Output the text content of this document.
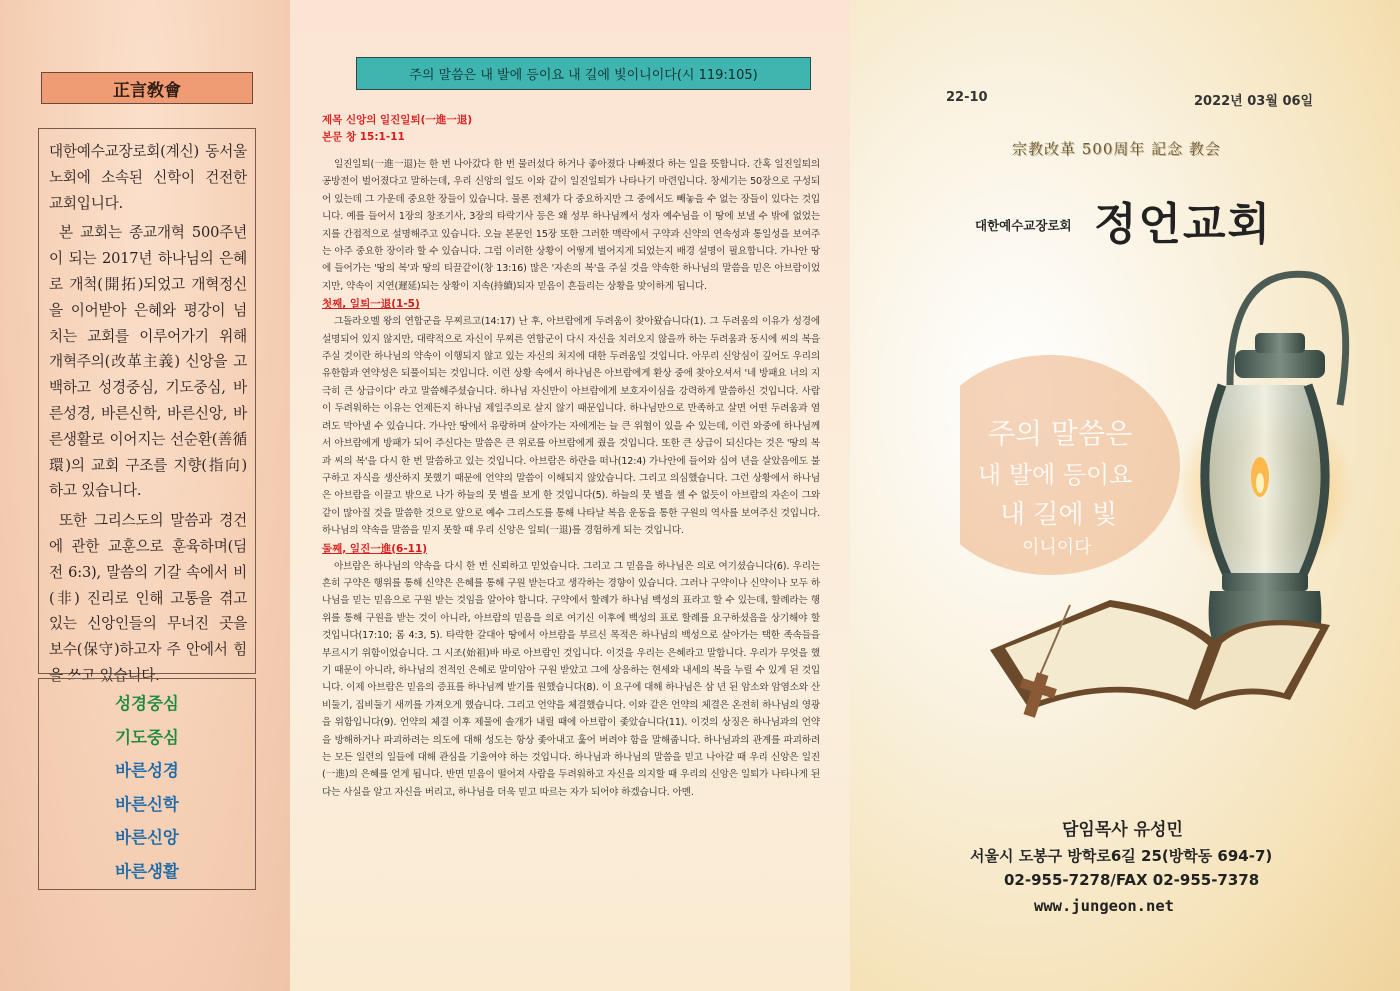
正言敎會

대한예수교장로회(계신) 동서울 노회에 소속된 신학이 건전한 교회입니다.

본 교회는 종교개혁 500주년이 되는 2017년 하나님의 은혜로 개척(開拓)되었고 개혁정신을 이어받아 은혜와 평강이 넘치는 교회를 이루어가기 위해 개혁주의(改革主義) 신앙을 고백하고 성경중심, 기도중심, 바른성경, 바른신학, 바른신앙, 바른생활로 이어지는 선순환(善循環)의 교회 구조를 지향(指向)하고 있습니다.

또한 그리스도의 말씀과 경건에 관한 교훈으로 훈육하며(딤전 6:3), 말씀의 기갈 속에서 비(非) 진리로 인해 고통을 겪고 있는 신앙인들의 무너진 곳을 보수(保守)하고자 주 안에서 힘을 쓰고 있습니다.

성경중심
기도중심
바른성경
바른신학
바른신앙
바른생활
주의 말씀은 내 발에 등이요 내 길에 빛이니이다(시 119:105)
제목 신앙의 일진일퇴(一進一退)
본문 창 15:1-11

일진일퇴(一進一退)는 한 번 나아갔다 한 번 물러섰다 하거나 좋아졌다 나빠졌다 하는 일을 뜻합니다. 간혹 일진일퇴의 공방전이 벌어졌다고 말하는데, 우리 신앙의 일도 이와 같이 일진일퇴가 나타나기 마련입니다. 창세기는 50장으로 구성되어 있는데 그 가운데 중요한 장들이 있습니다. 물론 전체가 다 중요하지만 그 중에서도 빼놓을 수 없는 장들이 있다는 것입니다. 예를 들어서 1장의 창조기사, 3장의 타락기사 등은 왜 성부 하나님께서 성자 예수님을 이 땅에 보낼 수 밖에 없었는지를 간접적으로 설명해주고 있습니다. 오늘 본문인 15장 또한 그러한 맥락에서 구약과 신약의 연속성과 통일성을 보여주는 아주 중요한 장이라 할 수 있습니다. 그럼 이러한 상황이 어떻게 벌어지게 되었는지 배경 설명이 필요합니다. 가나안 땅에 들어가는 '땅의 복'과 땅의 티끌같이(창 13:16) 많은 '자손의 복'을 주실 것을 약속한 하나님의 말씀을 믿은 아브람이었지만, 약속이 지연(遲延)되는 상황이 지속(持續)되자 믿음이 흔들리는 상황을 맞이하게 됩니다.

첫째, 일퇴一退(1-5)

그돌라오멜 왕의 연합군을 무찌르고(14:17) 난 후, 아브람에게 두려움이 찾아왔습니다(1). 그 두려움의 이유가 성경에 설명되어 있지 않지만, 대략적으로 자신이 무찌른 연합군이 다시 자신을 치러오지 않을까 하는 두려움과 동시에 씨의 복을 주실 것이란 하나님의 약속이 이행되지 않고 있는 자신의 처지에 대한 두려움일 것입니다. 아무리 신앙심이 깊어도 우리의 유한함과 연약성은 되풀이되는 것입니다. 이런 상황 속에서 하나님은 아브람에게 환상 중에 찾아오셔서 '네 방패요 너의 지극히 큰 상급이다' 라고 말씀해주셨습니다. 하나님 자신만이 아브람에게 보호자이심을 강력하게 말씀하신 것입니다. 사람이 두려워하는 이유는 언제든지 하나님 제일주의로 살지 않기 때문입니다. 하나님만으로 만족하고 살면 어떤 두려움과 염려도 막아낼 수 있습니다. 가나안 땅에서 유랑하며 살아가는 자에게는 늘 큰 위협이 있을 수 있는데, 이런 와중에 하나님께서 아브람에게 방패가 되어 주신다는 말씀은 큰 위로를 아브람에게 줬을 것입니다. 또한 큰 상급이 되신다는 것은 '땅의 복과 씨의 복'을 다시 한 번 말씀하고 있는 것입니다. 아브람은 하란을 떠나(12:4) 가나안에 들어와 십여 년을 살았음에도 불구하고 자식을 생산하지 못했기 때문에 언약의 말씀이 이해되지 않았습니다. 그리고 의심했습니다. 그런 상황에서 하나님은 아브람을 이끌고 밖으로 나가 하늘의 뭇 별을 보게 한 것입니다(5). 하늘의 뭇 별을 셀 수 없듯이 아브람의 자손이 그와 같이 많아질 것을 말씀한 것으로 앞으로 예수 그리스도를 통해 나타날 복음 운동을 통한 구원의 역사를 보여주신 것입니다. 하나님의 약속을 말씀을 믿지 못할 때 우리 신앙은 일퇴(一退)를 경험하게 되는 것입니다.

둘째, 일진一進(6-11)

아브람은 하나님의 약속을 다시 한 번 신뢰하고 믿었습니다. 그리고 그 믿음을 하나님은 의로 여기셨습니다(6). 우리는 흔히 구약은 행위를 통해 신약은 은혜를 통해 구원 받는다고 생각하는 경향이 있습니다. 그러나 구약이나 신약이나 모두 하나님을 믿는 믿음으로 구원 받는 것임을 알아야 합니다. 구약에서 할례가 하나님 백성의 표라고 할 수 있는데, 할례라는 행위를 통해 구원을 받는 것이 아니라, 아브람의 믿음을 의로 여기신 이후에 백성의 표로 할례를 요구하셨음을 상기해야 할 것입니다(17:10; 롬 4:3, 5). 타락한 갈대아 땅에서 아브람을 부르신 목적은 하나님의 백성으로 살아가는 택한 족속들을 부르시기 위함이었습니다. 그 시조(始祖)바 바로 아브람인 것입니다. 이것을 우리는 은혜라고 말합니다. 우리가 무엇을 했기 때문이 아니라, 하나님의 전적인 은혜로 말미암아 구원 받았고 그에 상응하는 현세와 내세의 복을 누릴 수 있게 된 것입니다. 이제 아브람은 믿음의 증표를 하나님께 받기를 원했습니다(8). 이 요구에 대해 하나님은 삼 년 된 암소와 암염소와 산비둘기, 집비둘기 새끼를 가져오게 했습니다. 그리고 언약을 체결했습니다. 이와 같은 언약의 체결은 온전히 하나님의 영광을 위함입니다(9). 언약의 체결 이후 제물에 솔개가 내릴 때에 아브람이 좇았습니다(11). 이것의 상징은 하나님과의 언약을 방해하거나 파괴하려는 의도에 대해 성도는 항상 좇아내고 훑어 버려야 함을 말해줍니다. 하나님과의 관계를 파괴하려는 모든 일련의 일들에 대해 관심을 기울여야 하는 것입니다. 하나님과 하나님의 말씀을 믿고 나아갈 때 우리 신앙은 일진(一進)의 은혜를 얻게 됩니다. 반면 믿음이 떨어져 사람을 두려워하고 자신을 의지할 때 우리의 신앙은 일퇴가 나타나게 된다는 사실을 알고 자신을 버리고, 하나님을 더욱 믿고 따르는 자가 되어야 하겠습니다. 아멘.

22-10	2022년 03월 06일
宗教改革 500周年 記念 教会
대한예수교장로회 정언교회
주의 말씀은
내 발에 등이요
내 길에 빛
이니이다
담임목사 유성민
서울시 도봉구 방학로6길 25(방학동 694-7)
02-955-7278/FAX 02-955-7378
www.jungeon.net
